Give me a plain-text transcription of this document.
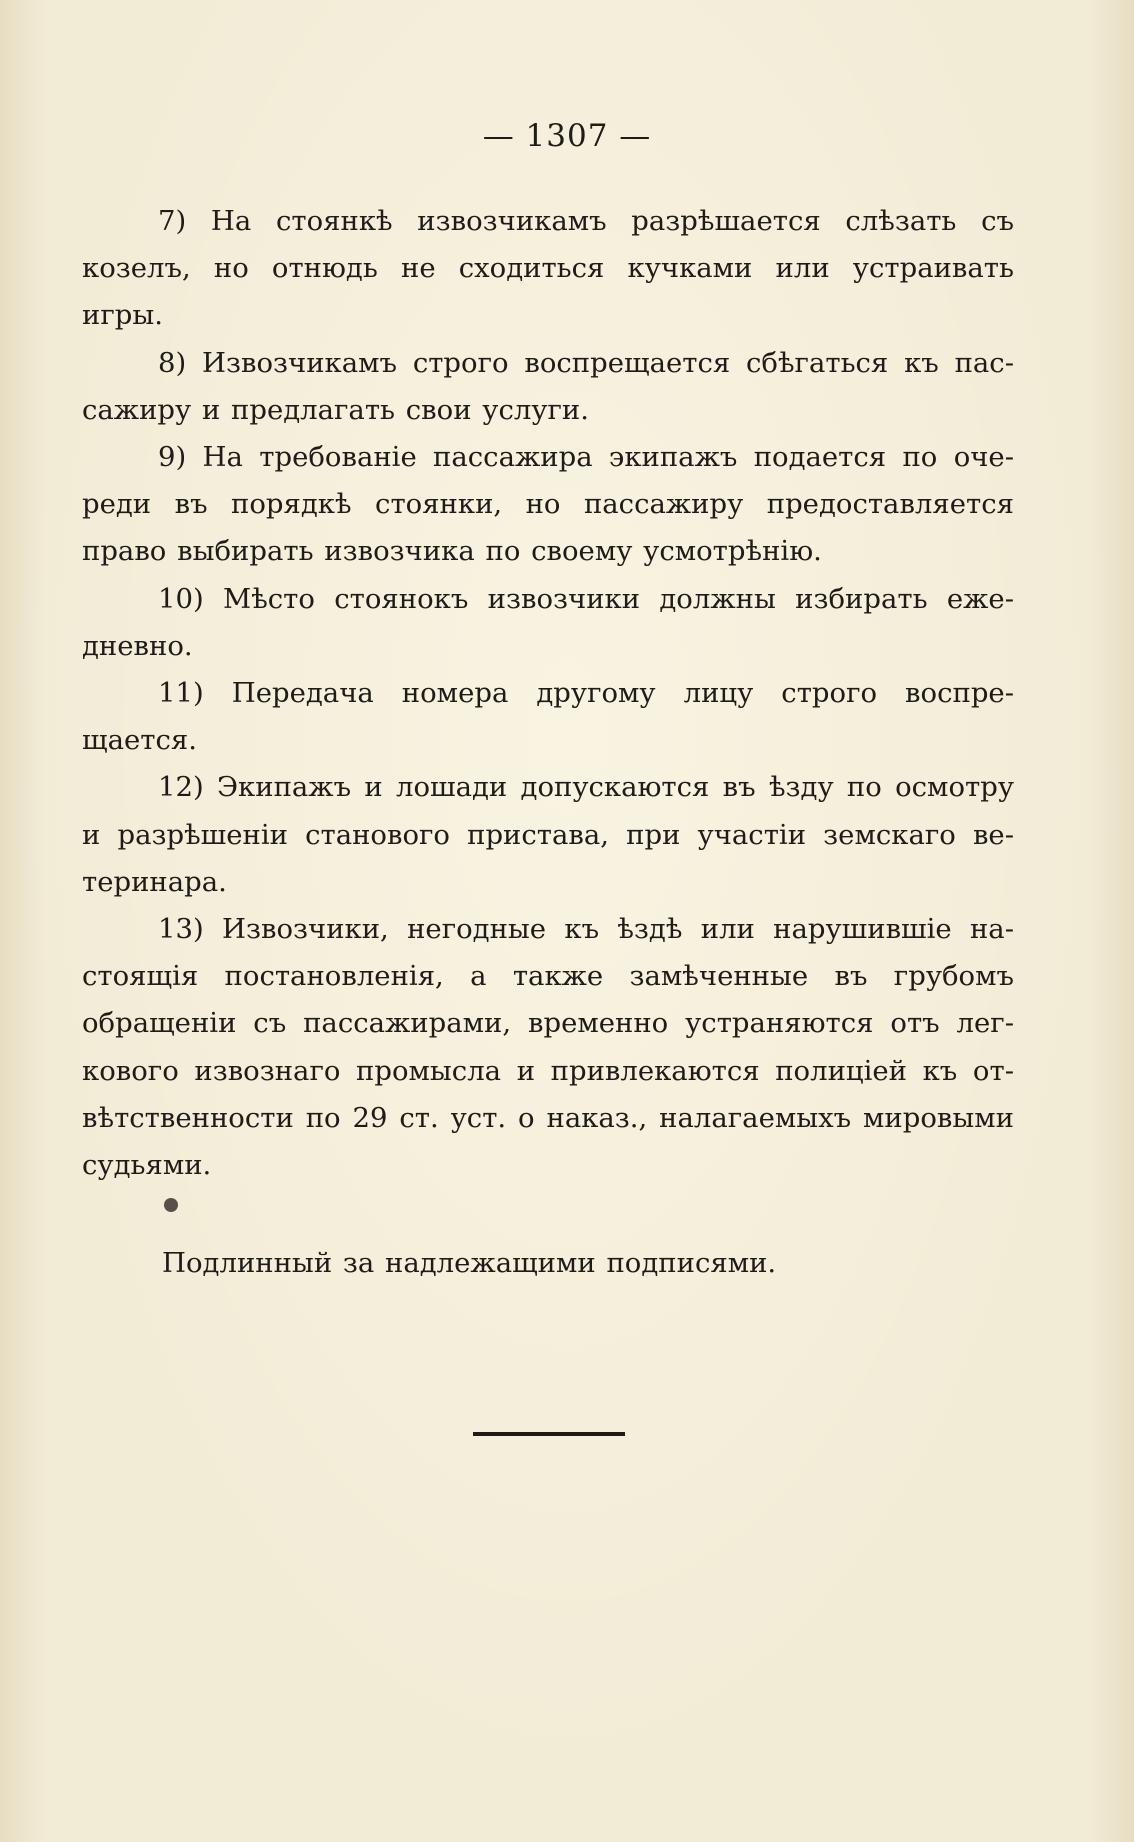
— 1307 —

7) На стоянкѣ извозчикамъ разрѣшается слѣзать съ козелъ, но отнюдь не сходиться кучками или устраивать игры.

8) Извозчикамъ строго воспрещается сбѣгаться къ пассажиру и предлагать свои услуги.

9) На требованіе пассажира экипажъ подается по очереди въ порядкѣ стоянки, но пассажиру предоставляется право выбирать извозчика по своему усмотрѣнію.

10) Мѣсто стоянокъ извозчики должны избирать ежедневно.

11) Передача номера другому лицу строго воспрещается.

12) Экипажъ и лошади допускаются въ ѣзду по осмотру и разрѣшеніи станового пристава, при участіи земскаго ветеринара.

13) Извозчики, негодные къ ѣздѣ или нарушившіе настоящія постановленія, а также замѣченные въ грубомъ обращеніи съ пассажирами, временно устраняются отъ легкового извознаго промысла и привлекаются полиціей къ отвѣтственности по 29 ст. уст. о наказ., налагаемыхъ мировыми судьями.

Подлинный за надлежащими подписями.
